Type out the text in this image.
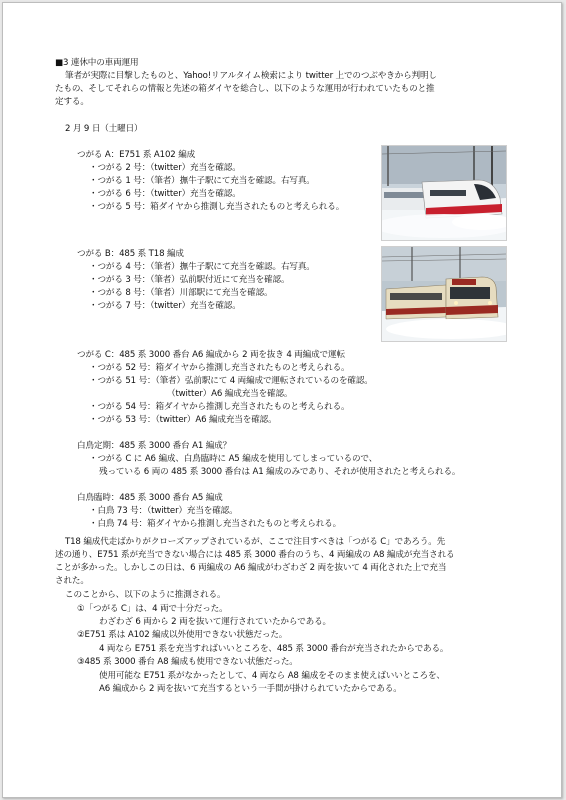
■3 連休中の車両運用
筆者が実際に目撃したものと、Yahoo!リアルタイム検索により twitter 上でのつぶやきから判明し
たもの、そしてそれらの情報と先述の箱ダイヤを総合し、以下のような運用が行われていたものと推
定する。
2 月 9 日（土曜日）
つがる A：E751 系 A102 編成
・つがる 2 号：（twitter）充当を確認。
・つがる 1 号：（筆者）撫牛子駅にて充当を確認。右写真。
・つがる 6 号：（twitter）充当を確認。
・つがる 5 号：箱ダイヤから推測し充当されたものと考えられる。
つがる B：485 系 T18 編成
・つがる 4 号：（筆者）撫牛子駅にて充当を確認。右写真。
・つがる 3 号：（筆者）弘前駅付近にて充当を確認。
・つがる 8 号：（筆者）川部駅にて充当を確認。
・つがる 7 号：（twitter）充当を確認。
つがる C：485 系 3000 番台 A6 編成から 2 両を抜き 4 両編成で運転
・つがる 52 号：箱ダイヤから推測し充当されたものと考えられる。
・つがる 51 号：（筆者）弘前駅にて 4 両編成で運転されているのを確認。
（twitter）A6 編成充当を確認。
・つがる 54 号：箱ダイヤから推測し充当されたものと考えられる。
・つがる 53 号：（twitter）A6 編成充当を確認。
白鳥定期：485 系 3000 番台 A1 編成？
・つがる C に A6 編成、白鳥臨時に A5 編成を使用してしまっているので、
残っている 6 両の 485 系 3000 番台は A1 編成のみであり、それが使用されたと考えられる。
白鳥臨時：485 系 3000 番台 A5 編成
・白鳥 73 号：（twitter）充当を確認。
・白鳥 74 号：箱ダイヤから推測し充当されたものと考えられる。
T18 編成代走ばかりがクローズアップされているが、ここで注目すべきは「つがる C」であろう。先
述の通り、E751 系が充当できない場合には 485 系 3000 番台のうち、4 両編成の A8 編成が充当される
ことが多かった。しかしこの日は、6 両編成の A6 編成がわざわざ 2 両を抜いて 4 両化された上で充当
された。
このことから、以下のように推測される。
①「つがる C」は、4 両で十分だった。
わざわざ 6 両から 2 両を抜いて運行されていたからである。
②E751 系は A102 編成以外使用できない状態だった。
4 両なら E751 系を充当すればいいところを、485 系 3000 番台が充当されたからである。
③485 系 3000 番台 A8 編成も使用できない状態だった。
使用可能な E751 系がなかったとして、4 両なら A8 編成をそのまま使えばいいところを、
A6 編成から 2 両を抜いて充当するという一手間が掛けられていたからである。
